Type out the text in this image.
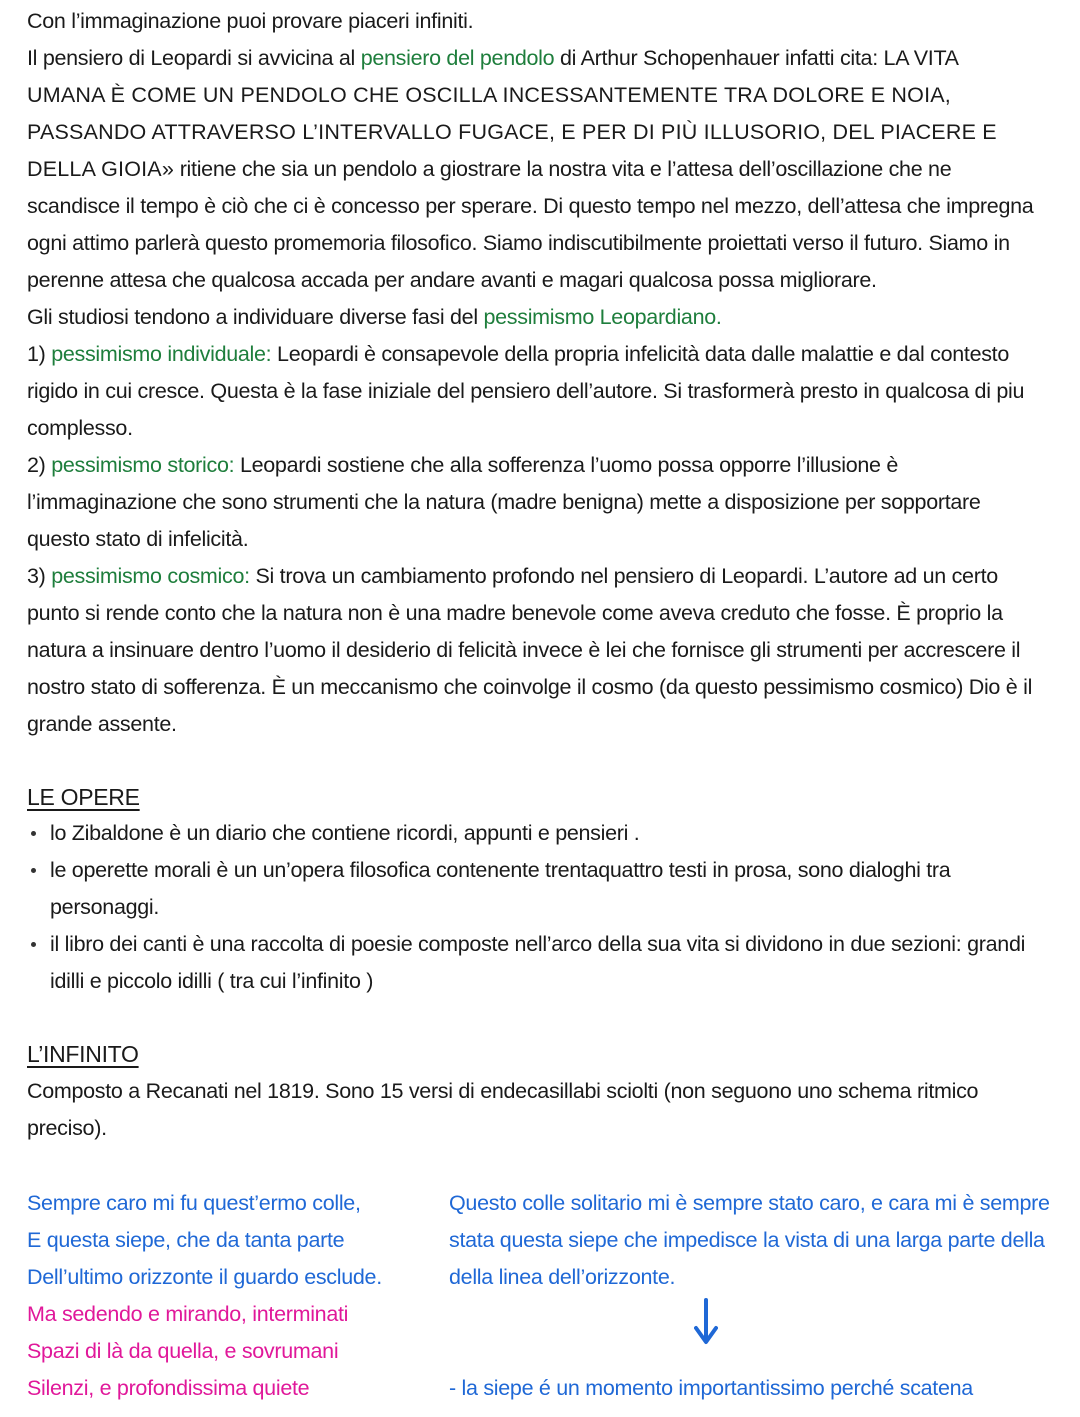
Con l’immaginazione puoi provare piaceri infiniti.
Il pensiero di Leopardi si avvicina al pensiero del pendolo di Arthur Schopenhauer infatti cita: LA VITA
UMANA È COME UN PENDOLO CHE OSCILLA INCESSANTEMENTE TRA DOLORE E NOIA,
PASSANDO ATTRAVERSO L’INTERVALLO FUGACE, E PER DI PIÙ ILLUSORIO, DEL PIACERE E
DELLA GIOIA» ritiene che sia un pendolo a giostrare la nostra vita e l’attesa dell’oscillazione che ne
scandisce il tempo è ciò che ci è concesso per sperare. Di questo tempo nel mezzo, dell’attesa che impregna
ogni attimo parlerà questo promemoria filosofico. Siamo indiscutibilmente proiettati verso il futuro. Siamo in
perenne attesa che qualcosa accada per andare avanti e magari qualcosa possa migliorare.
Gli studiosi tendono a individuare diverse fasi del pessimismo Leopardiano.
1) pessimismo individuale: Leopardi è consapevole della propria infelicità data dalle malattie e dal contesto
rigido in cui cresce. Questa è la fase iniziale del pensiero dell’autore. Si trasformerà presto in qualcosa di piu
complesso.
2) pessimismo storico: Leopardi sostiene che alla sofferenza l’uomo possa opporre l’illusione è
l’immaginazione che sono strumenti che la natura (madre benigna) mette a disposizione per sopportare
questo stato di infelicità.
3) pessimismo cosmico: Si trova un cambiamento profondo nel pensiero di Leopardi. L’autore ad un certo
punto si rende conto che la natura non è una madre benevole come aveva creduto che fosse. È proprio la
natura a insinuare dentro l’uomo il desiderio di felicità invece è lei che fornisce gli strumenti per accrescere il
nostro stato di sofferenza. È un meccanismo che coinvolge il cosmo (da questo pessimismo cosmico) Dio è il
grande assente.
LE OPERE
lo Zibaldone è un diario che contiene ricordi, appunti e pensieri .
le operette morali è un un’opera filosofica contenente trentaquattro testi in prosa, sono dialoghi tra
personaggi.
il libro dei canti è una raccolta di poesie composte nell’arco della sua vita si dividono in due sezioni: grandi
idilli e piccolo idilli ( tra cui l’infinito )
L’INFINITO
Composto a Recanati nel 1819. Sono 15 versi di endecasillabi sciolti (non seguono uno schema ritmico
preciso).
Sempre caro mi fu quest’ermo colle,
E questa siepe, che da tanta parte
Dell’ultimo orizzonte il guardo esclude.
Ma sedendo e mirando, interminati
Spazi di là da quella, e sovrumani
Silenzi, e profondissima quiete
Questo colle solitario mi è sempre stato caro, e cara mi è sempre
stata questa siepe che impedisce la vista di una larga parte della
della linea dell’orizzonte.
- la siepe é un momento importantissimo perché scatena
